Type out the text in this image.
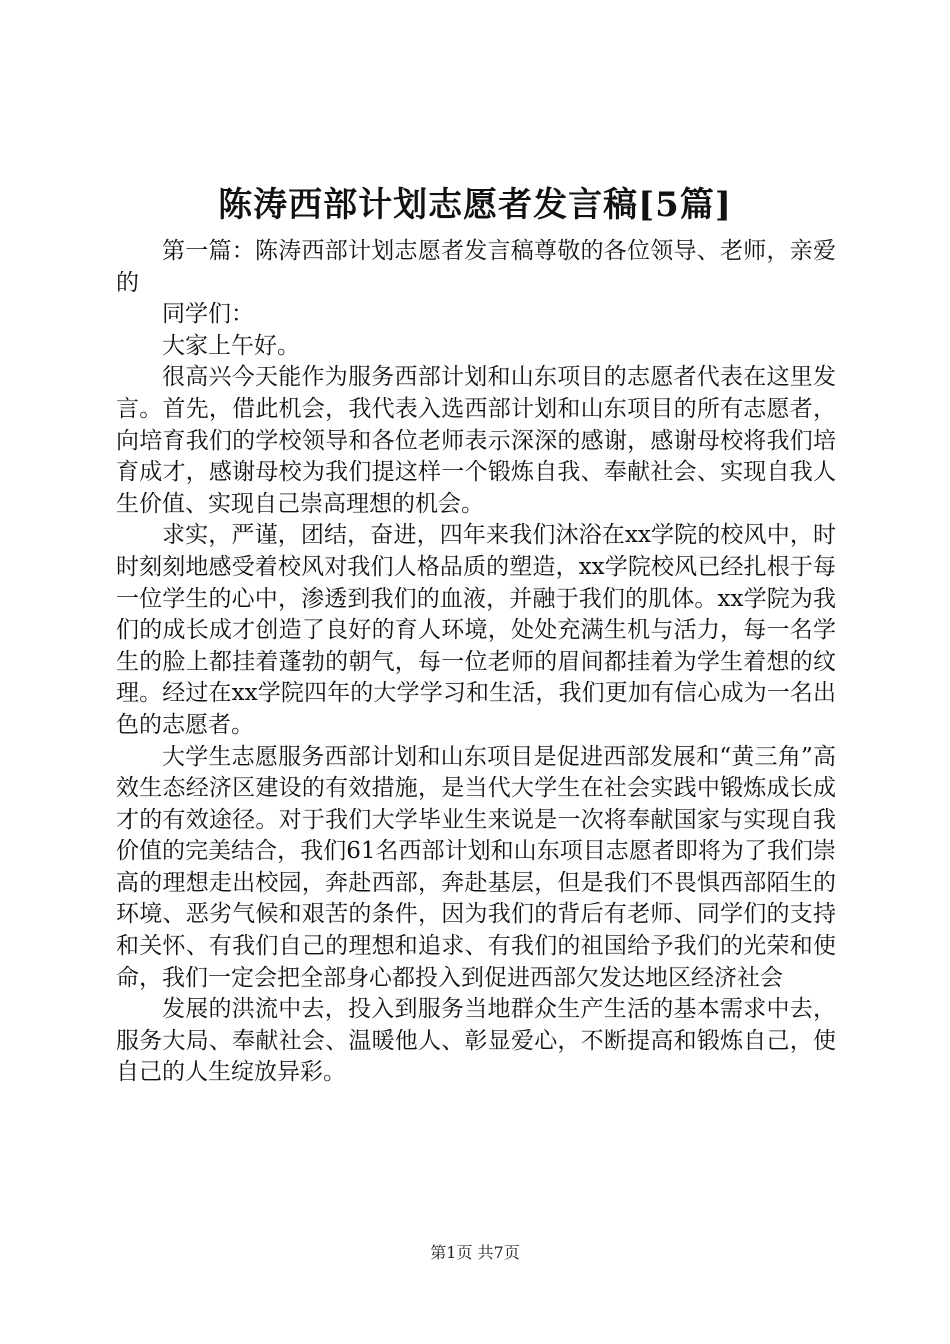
陈涛西部计划志愿者发言稿[5篇]

第一篇：陈涛西部计划志愿者发言稿尊敬的各位领导、老师，亲爱的

同学们：

大家上午好。

很高兴今天能作为服务西部计划和山东项目的志愿者代表在这里发言。首先，借此机会，我代表入选西部计划和山东项目的所有志愿者，向培育我们的学校领导和各位老师表示深深的感谢，感谢母校将我们培育成才，感谢母校为我们提这样一个锻炼自我、奉献社会、实现自我人生价值、实现自己崇高理想的机会。

求实，严谨，团结，奋进，四年来我们沐浴在xx学院的校风中，时时刻刻地感受着校风对我们人格品质的塑造，xx学院校风已经扎根于每一位学生的心中，渗透到我们的血液，并融于我们的肌体。xx学院为我们的成长成才创造了良好的育人环境，处处充满生机与活力，每一名学生的脸上都挂着蓬勃的朝气，每一位老师的眉间都挂着为学生着想的纹理。经过在xx学院四年的大学学习和生活，我们更加有信心成为一名出色的志愿者。

大学生志愿服务西部计划和山东项目是促进西部发展和“黄三角”高效生态经济区建设的有效措施，是当代大学生在社会实践中锻炼成长成才的有效途径。对于我们大学毕业生来说是一次将奉献国家与实现自我价值的完美结合，我们61名西部计划和山东项目志愿者即将为了我们崇高的理想走出校园，奔赴西部，奔赴基层，但是我们不畏惧西部陌生的环境、恶劣气候和艰苦的条件，因为我们的背后有老师、同学们的支持和关怀、有我们自己的理想和追求、有我们的祖国给予我们的光荣和使命，我们一定会把全部身心都投入到促进西部欠发达地区经济社会

发展的洪流中去，投入到服务当地群众生产生活的基本需求中去，服务大局、奉献社会、温暖他人、彰显爱心，不断提高和锻炼自己，使自己的人生绽放异彩。

第1页 共7页
